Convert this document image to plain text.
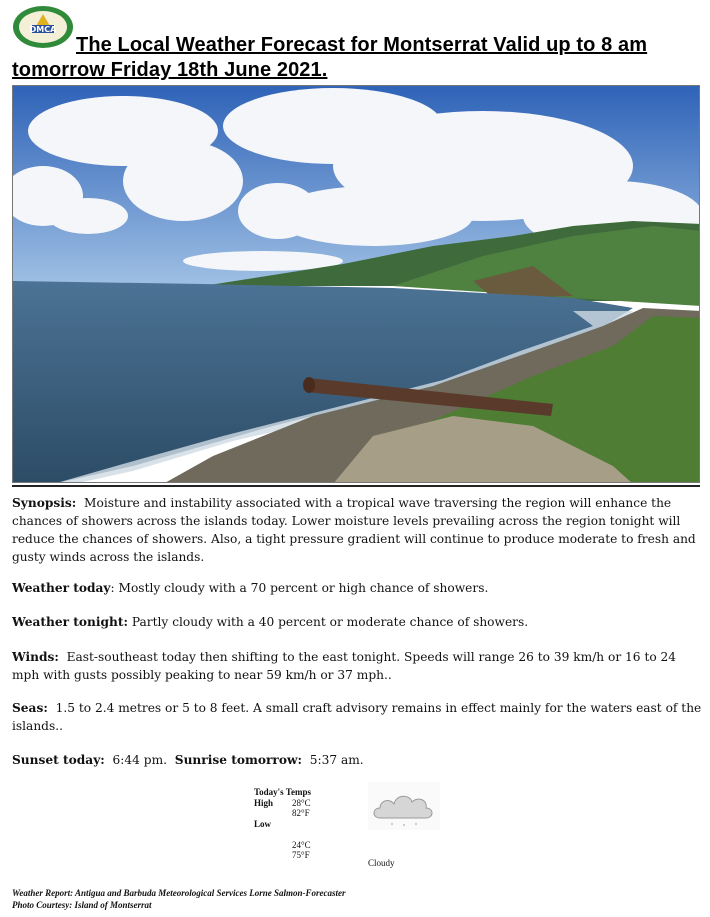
DMCA
The Local Weather Forecast for Montserrat Valid up to 8 am tomorrow Friday 18th June 2021.

Synopsis: Moisture and instability associated with a tropical wave traversing the region will enhance the chances of showers across the islands today. Lower moisture levels prevailing across the region tonight will reduce the chances of showers. Also, a tight pressure gradient will continue to produce moderate to fresh and gusty winds across the islands.

Weather today: Mostly cloudy with a 70 percent or high chance of showers.

Weather tonight: Partly cloudy with a 40 percent or moderate chance of showers.

Winds: East-southeast today then shifting to the east tonight. Speeds will range 26 to 39 km/h or 16 to 24 mph with gusts possibly peaking to near 59 km/h or 37 mph..

Seas: 1.5 to 2.4 metres or 5 to 8 feet. A small craft advisory remains in effect mainly for the waters east of the islands..

Sunset today: 6:44 pm. Sunrise tomorrow: 5:37 am.

Today's Temps
High 28°C
82°F
Low
24°C
75°F
Cloudy
Weather Report: Antigua and Barbuda Meteorological Services Lorne Salmon-Forecaster
Photo Courtesy: Island of Montserrat
